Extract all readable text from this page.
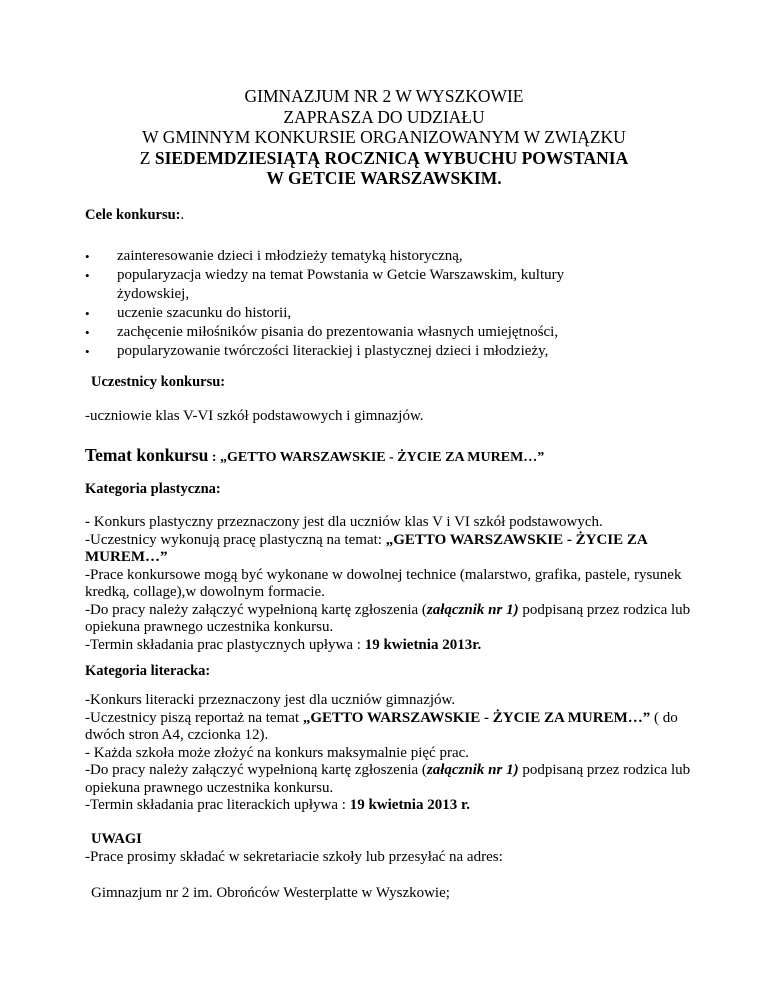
GIMNAZJUM NR 2 W WYSZKOWIE
ZAPRASZA DO UDZIAŁU
W GMINNYM KONKURSIE ORGANIZOWANYM W ZWIĄZKU
Z SIEDEMDZIESIĄTĄ ROCZNICĄ WYBUCHU POWSTANIA
W GETCIE WARSZAWSKIM.
Cele konkursu:.
• zainteresowanie dzieci i młodzieży tematyką historyczną,
• popularyzacja wiedzy na temat Powstania w Getcie Warszawskim, kultury żydowskiej,
• uczenie szacunku do historii,
• zachęcenie miłośników pisania do prezentowania własnych umiejętności,
• popularyzowanie twórczości literackiej i plastycznej dzieci i młodzieży,
Uczestnicy konkursu:
-uczniowie klas V-VI szkół podstawowych i gimnazjów.
Temat konkursu : „GETTO WARSZAWSKIE - ŻYCIE ZA MUREM…”
Kategoria plastyczna:
- Konkurs plastyczny przeznaczony jest dla uczniów klas V i VI szkół podstawowych.
-Uczestnicy wykonują pracę plastyczną na temat: „GETTO WARSZAWSKIE - ŻYCIE ZA MUREM…”
-Prace konkursowe mogą być wykonane w dowolnej technice (malarstwo, grafika, pastele, rysunek kredką, collage),w dowolnym formacie.
-Do pracy należy załączyć wypełnioną kartę zgłoszenia (załącznik nr 1) podpisaną przez rodzica lub opiekuna prawnego uczestnika konkursu.
-Termin składania prac plastycznych upływa : 19 kwietnia 2013r.
Kategoria literacka:
-Konkurs literacki przeznaczony jest dla uczniów gimnazjów.
-Uczestnicy piszą reportaż na temat „GETTO WARSZAWSKIE - ŻYCIE ZA MUREM…” ( do dwóch stron A4, czcionka 12).
- Każda szkoła może złożyć na konkurs maksymalnie pięć prac.
-Do pracy należy załączyć wypełnioną kartę zgłoszenia (załącznik nr 1) podpisaną przez rodzica lub opiekuna prawnego uczestnika konkursu.
-Termin składania prac literackich upływa : 19 kwietnia 2013 r.
UWAGI
-Prace prosimy składać w sekretariacie szkoły lub przesyłać na adres:
Gimnazjum nr 2 im. Obrońców Westerplatte w Wyszkowie;
